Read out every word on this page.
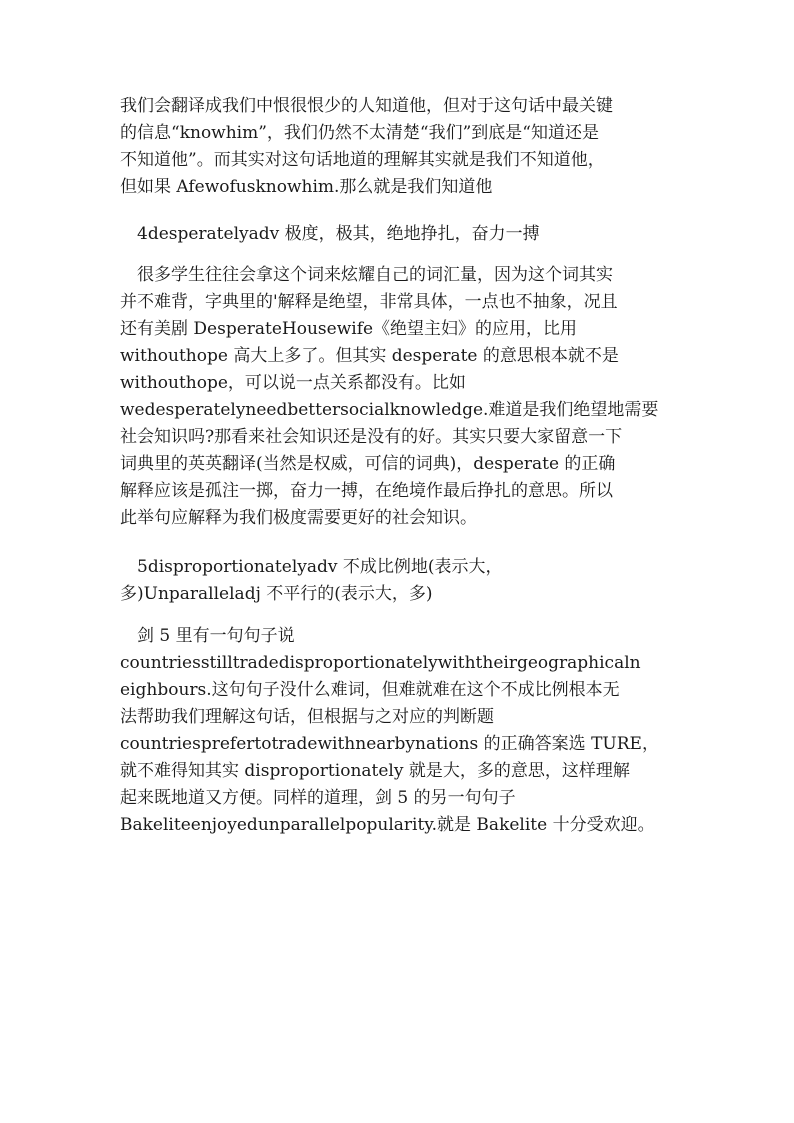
我们会翻译成我们中恨很恨少的人知道他，但对于这句话中最关键
的信息“knowhim”，我们仍然不太清楚“我们”到底是“知道还是
不知道他”。而其实对这句话地道的理解其实就是我们不知道他，
但如果 Afewofusknowhim.那么就是我们知道他
　4desperatelyadv 极度，极其，绝地挣扎，奋力一搏
　很多学生往往会拿这个词来炫耀自己的词汇量，因为这个词其实
并不难背，字典里的'解释是绝望，非常具体，一点也不抽象，况且
还有美剧 DesperateHousewife《绝望主妇》的应用，比用
withouthope 高大上多了。但其实 desperate 的意思根本就不是
withouthope，可以说一点关系都没有。比如
wedesperatelyneedbettersocialknowledge.难道是我们绝望地需要
社会知识吗?那看来社会知识还是没有的好。其实只要大家留意一下
词典里的英英翻译(当然是权威，可信的词典)，desperate 的正确
解释应该是孤注一掷，奋力一搏，在绝境作最后挣扎的意思。所以
此举句应解释为我们极度需要更好的社会知识。
　5disproportionatelyadv 不成比例地(表示大，
多)Unparalleladj 不平行的(表示大，多)
　剑 5 里有一句句子说
countriesstilltradedisproportionatelywiththeirgeographicaln
eighbours.这句句子没什么难词，但难就难在这个不成比例根本无
法帮助我们理解这句话，但根据与之对应的判断题
countriesprefertotradewithnearbynations 的正确答案选 TURE，
就不难得知其实 disproportionately 就是大，多的意思，这样理解
起来既地道又方便。同样的道理，剑 5 的另一句句子
Bakeliteenjoyedunparallelpopularity.就是 Bakelite 十分受欢迎。
